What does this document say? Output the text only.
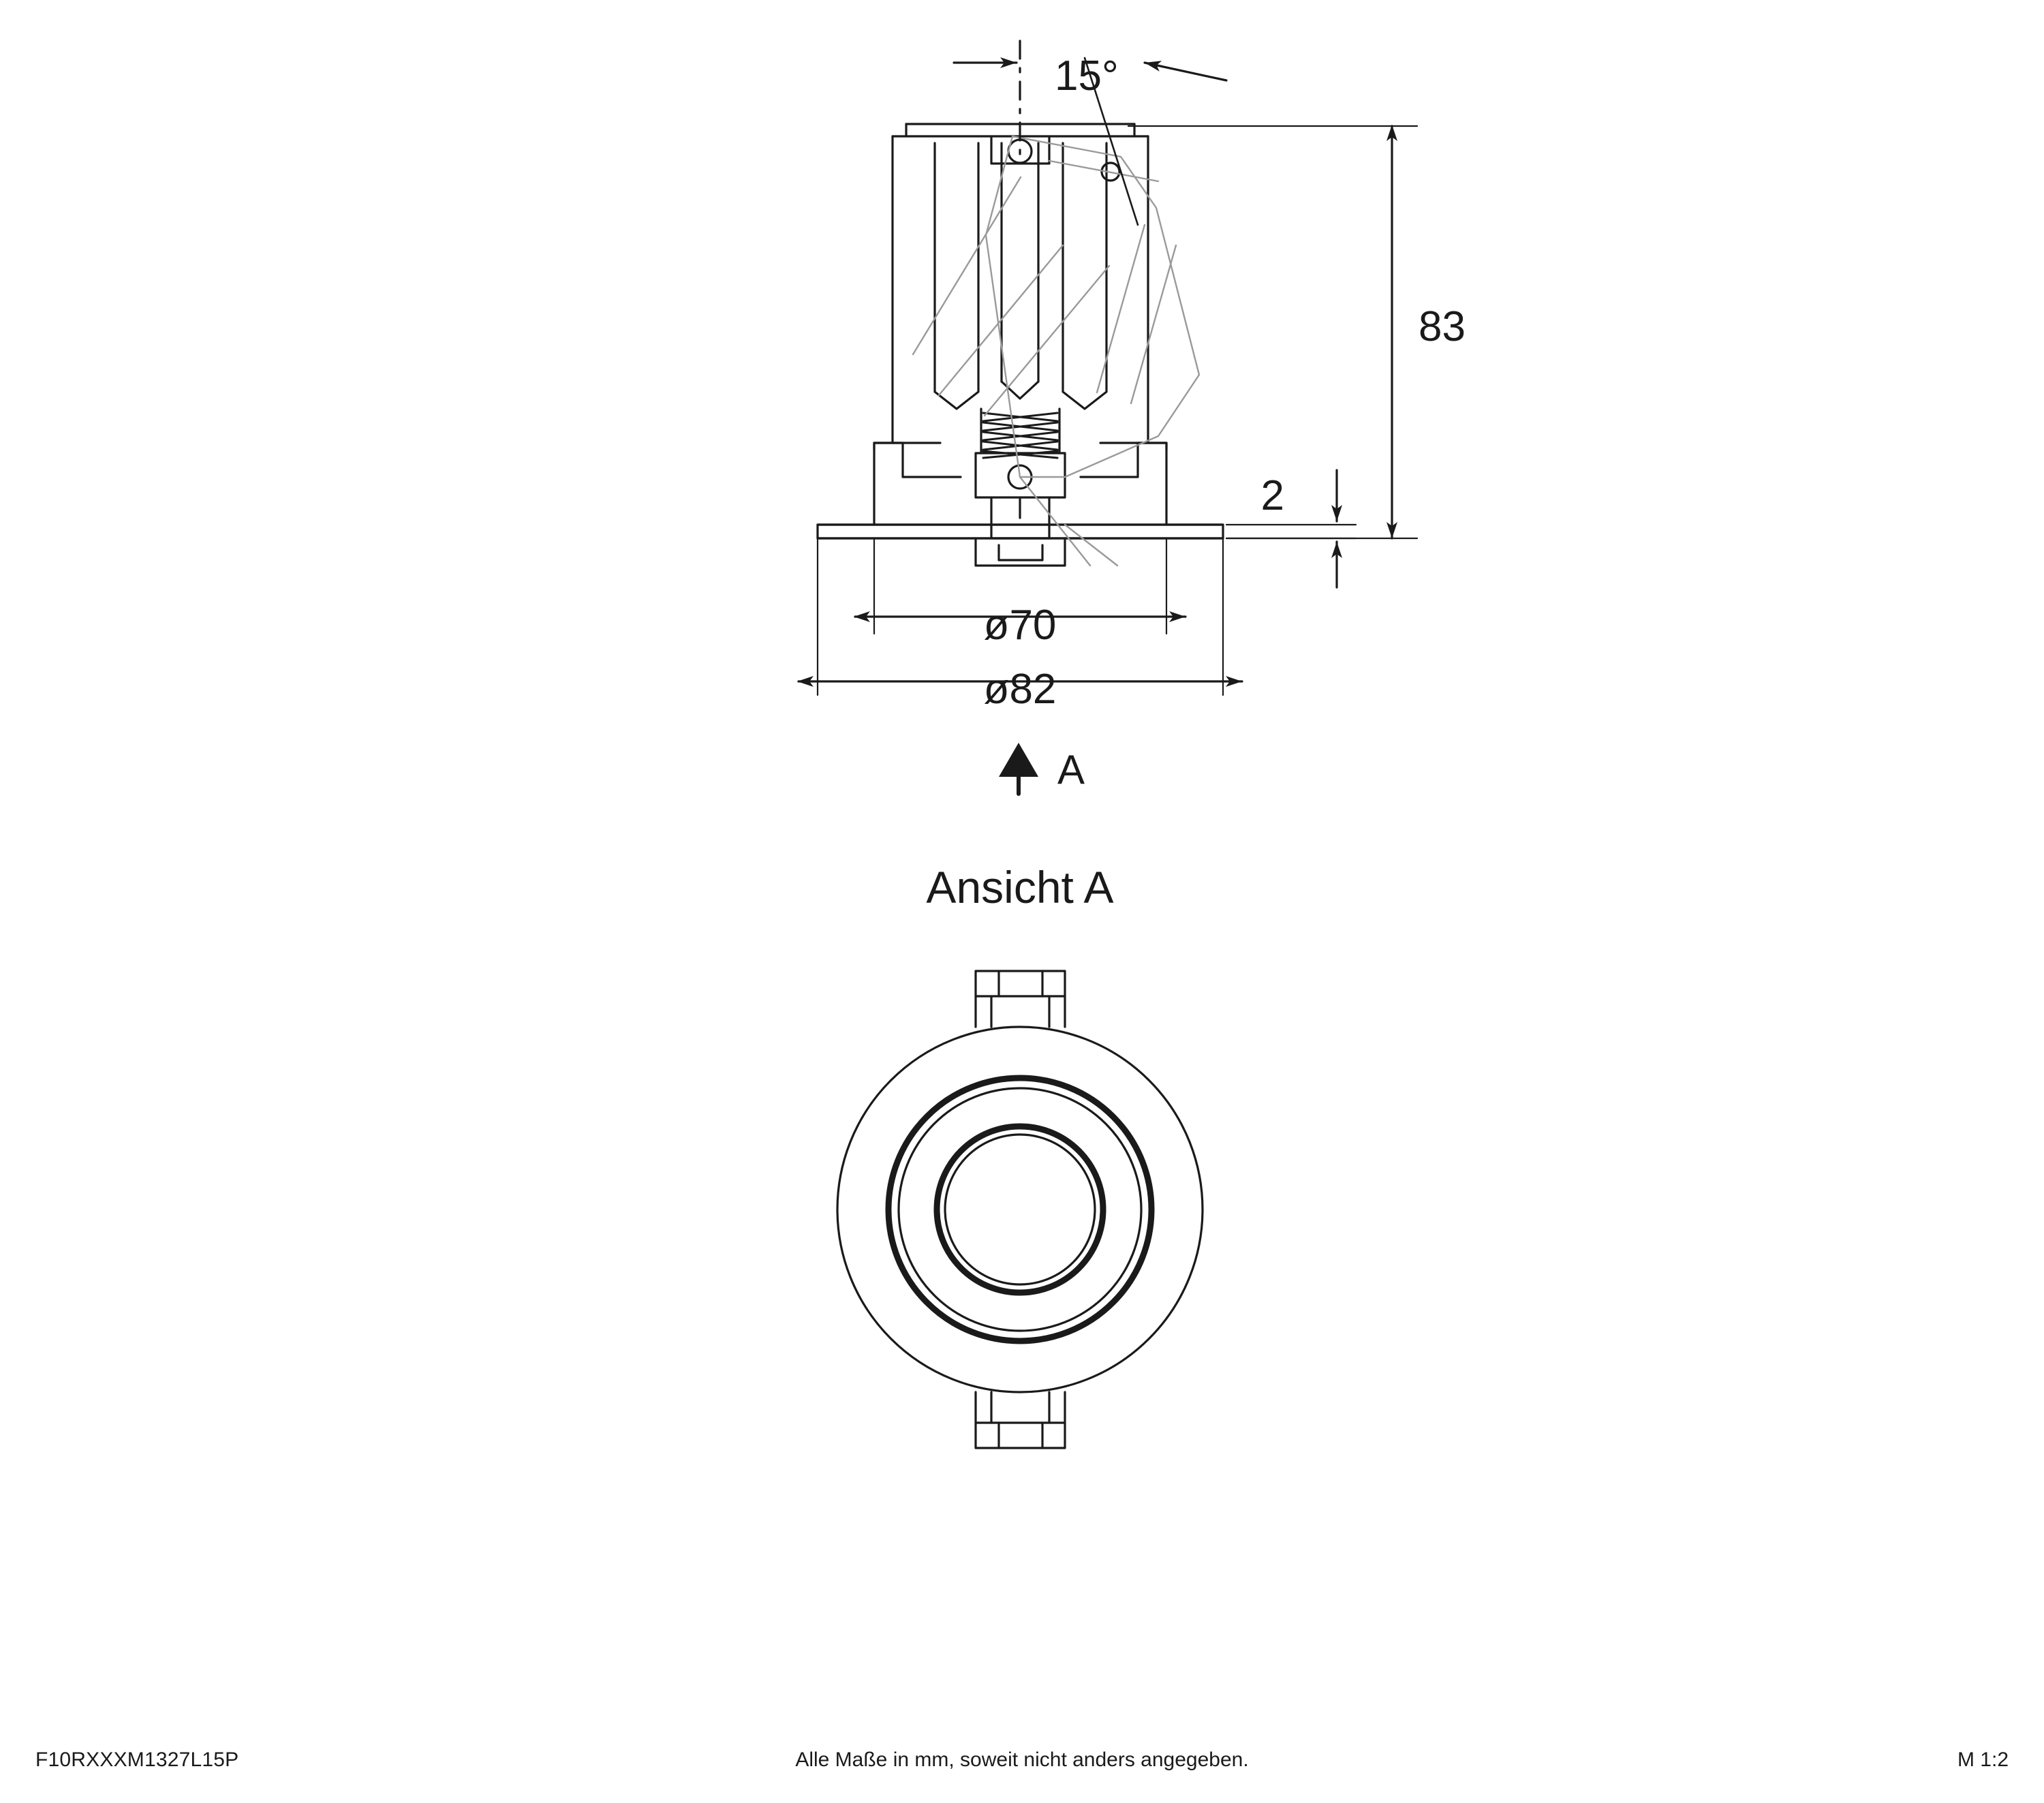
15°
83
2
ø70
ø82
A
Ansicht A
F10RXXXM1327L15P	Alle Maße in mm, soweit nicht anders angegeben.	M 1:2
